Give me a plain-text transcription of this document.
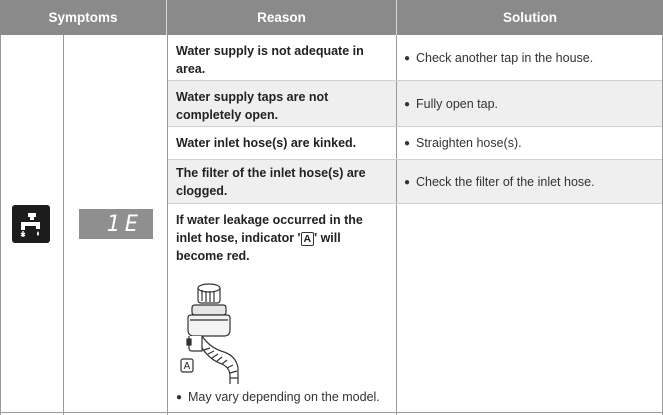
Symptoms	Reason	Solution
1E
Water supply is not adequate in area.
Water supply taps are not completely open.
Water inlet hose(s) are kinked.
The filter of the inlet hose(s) are clogged.
If water leakage occurred in the inlet hose, indicator ' A ' will become red.
● Check another tap in the house.
● Fully open tap.
● Straighten hose(s).
● Check the filter of the inlet hose.
A
● May vary depending on the model.
